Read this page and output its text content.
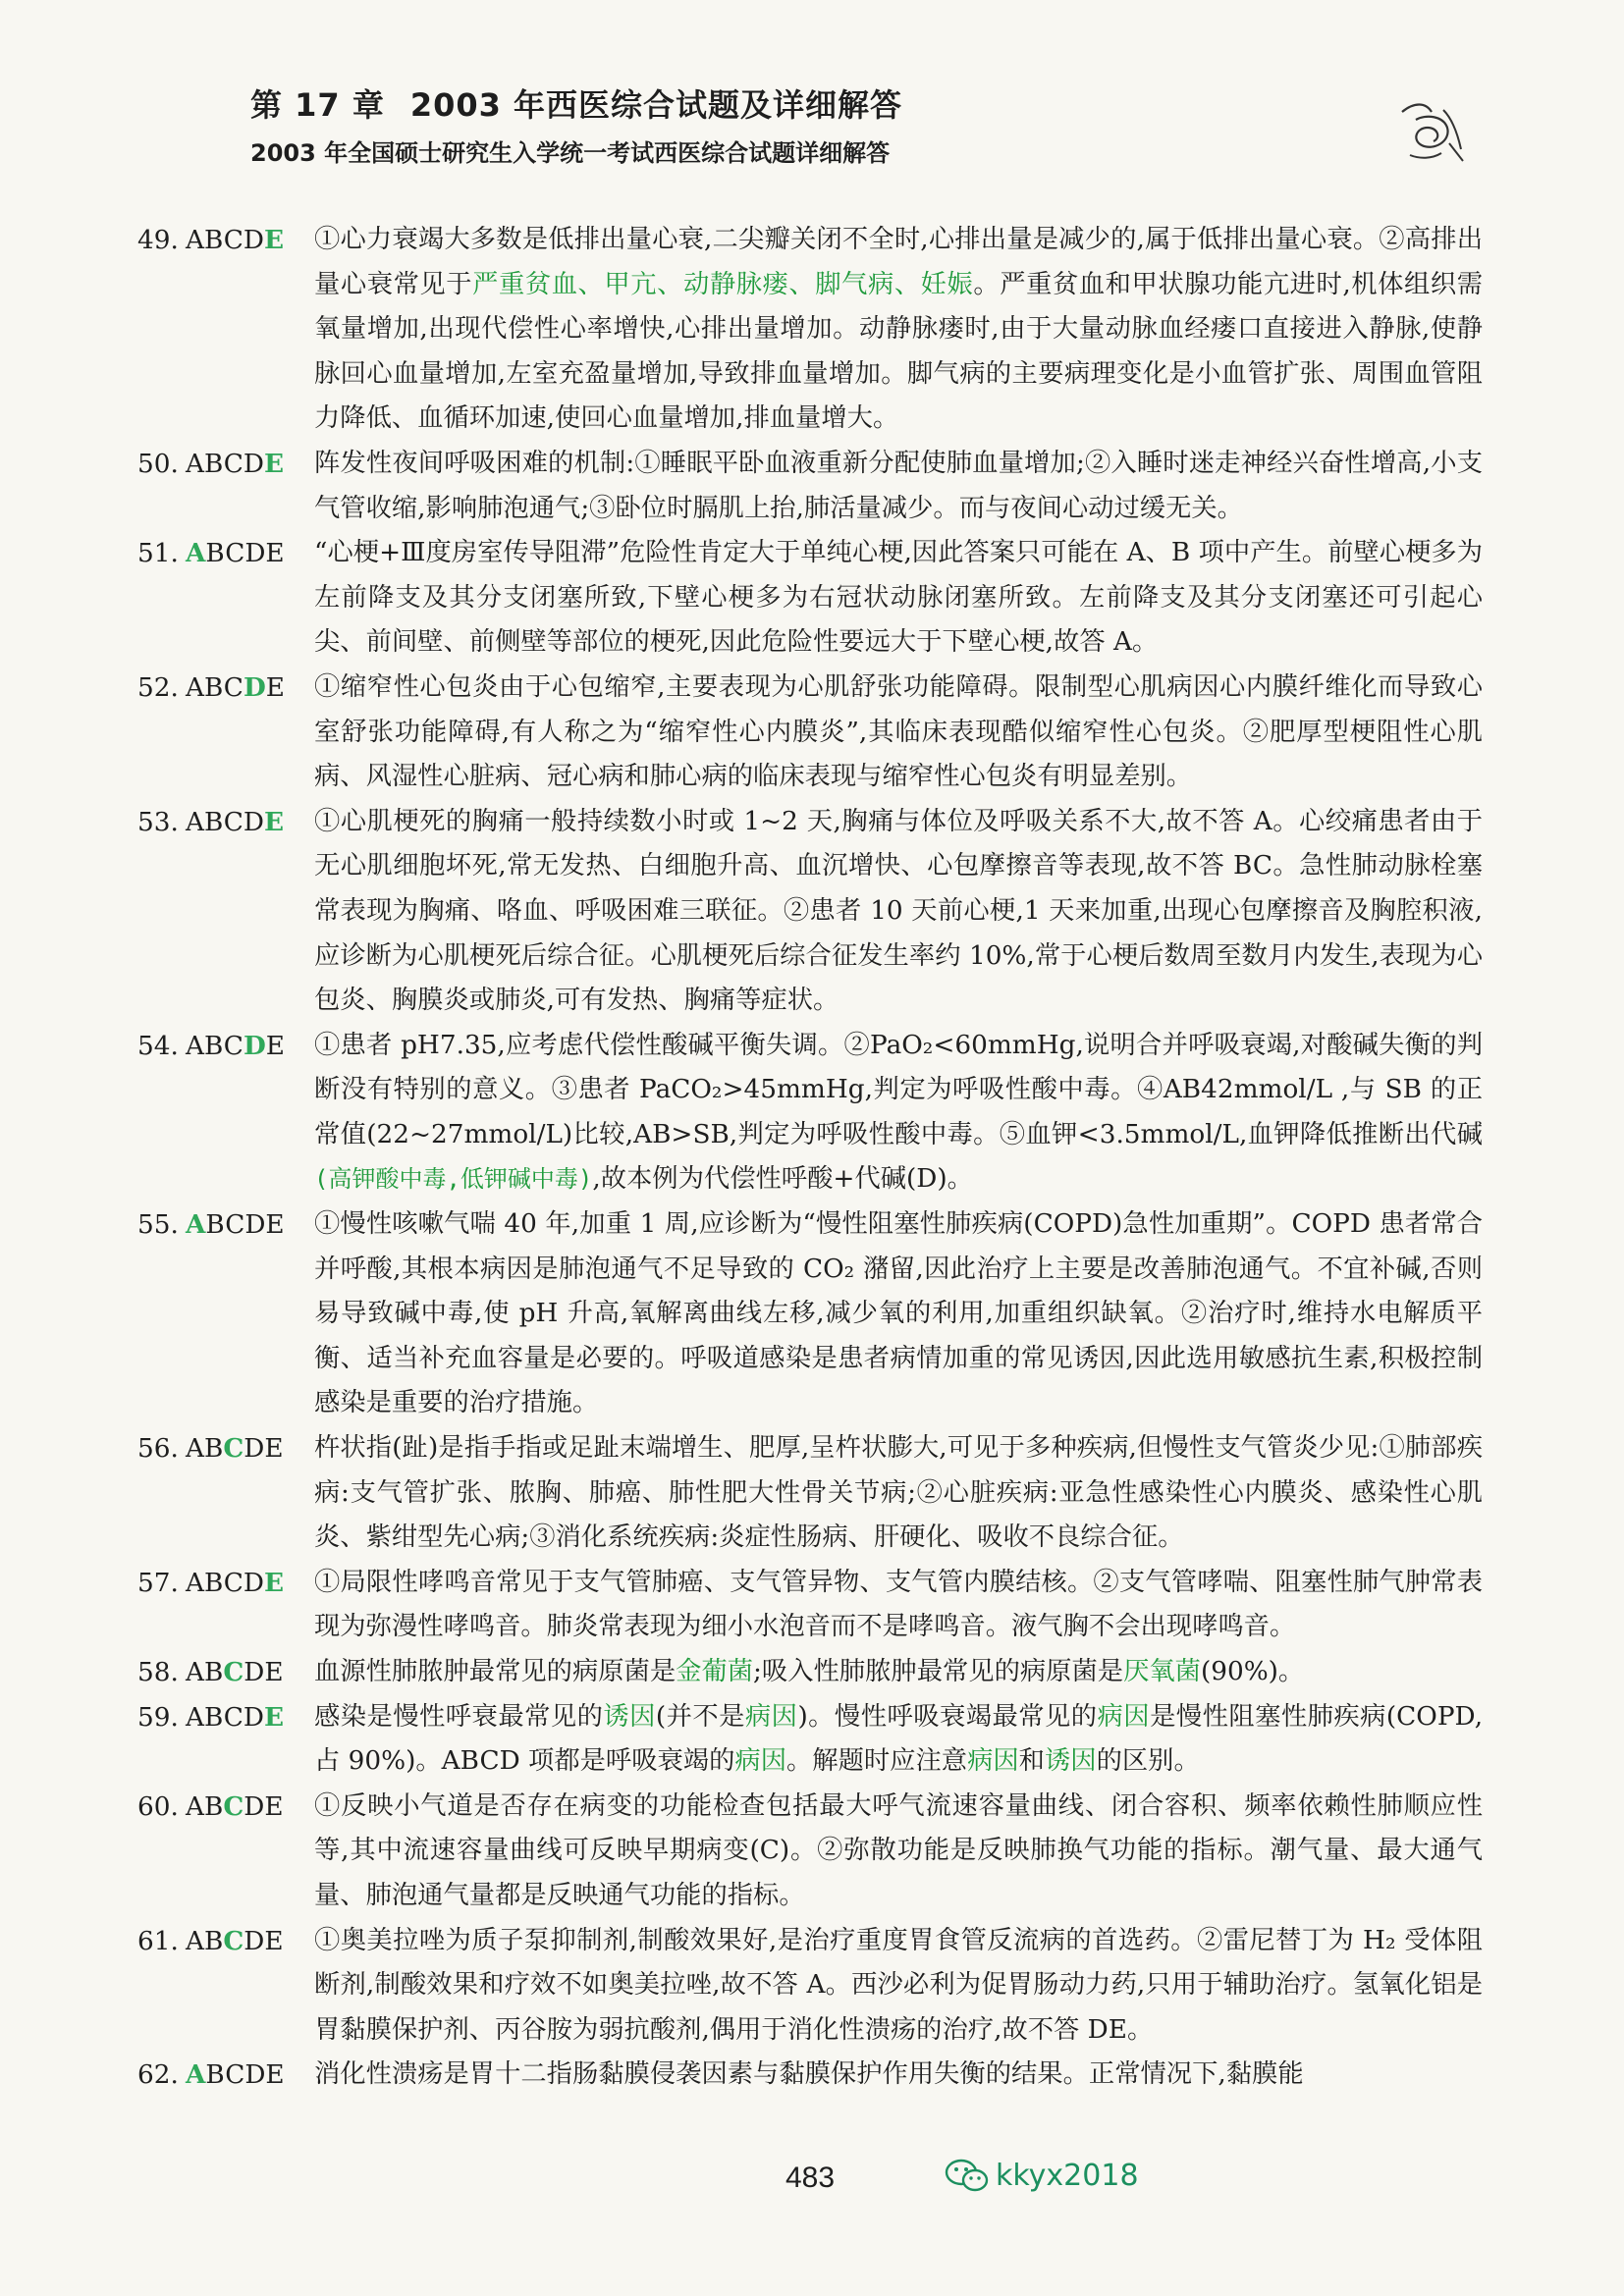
第 17 章 2003 年西医综合试题及详细解答
2003 年全国硕士研究生入学统一考试西医综合试题详细解答
49. ABCDE ①心力衰竭大多数是低排出量心衰,二尖瓣关闭不全时,心排出量是减少的,属于低排出量心衰。②高排出量心衰常见于严重贫血、甲亢、动静脉瘘、脚气病、妊娠。严重贫血和甲状腺功能亢进时,机体组织需氧量增加,出现代偿性心率增快,心排出量增加。动静脉瘘时,由于大量动脉血经瘘口直接进入静脉,使静脉回心血量增加,左室充盈量增加,导致排血量增加。脚气病的主要病理变化是小血管扩张、周围血管阻力降低、血循环加速,使回心血量增加,排血量增大。
50. ABCDE 阵发性夜间呼吸困难的机制:①睡眠平卧血液重新分配使肺血量增加;②入睡时迷走神经兴奋性增高,小支气管收缩,影响肺泡通气;③卧位时膈肌上抬,肺活量减少。而与夜间心动过缓无关。
51. ABCDE “心梗+Ⅲ度房室传导阻滞”危险性肯定大于单纯心梗,因此答案只可能在 A、B 项中产生。前壁心梗多为左前降支及其分支闭塞所致,下壁心梗多为右冠状动脉闭塞所致。左前降支及其分支闭塞还可引起心尖、前间壁、前侧壁等部位的梗死,因此危险性要远大于下壁心梗,故答 A。
52. ABCDE ①缩窄性心包炎由于心包缩窄,主要表现为心肌舒张功能障碍。限制型心肌病因心内膜纤维化而导致心室舒张功能障碍,有人称之为“缩窄性心内膜炎”,其临床表现酷似缩窄性心包炎。②肥厚型梗阻性心肌病、风湿性心脏病、冠心病和肺心病的临床表现与缩窄性心包炎有明显差别。
53. ABCDE ①心肌梗死的胸痛一般持续数小时或 1~2 天,胸痛与体位及呼吸关系不大,故不答 A。心绞痛患者由于无心肌细胞坏死,常无发热、白细胞升高、血沉增快、心包摩擦音等表现,故不答 BC。急性肺动脉栓塞常表现为胸痛、咯血、呼吸困难三联征。②患者 10 天前心梗,1 天来加重,出现心包摩擦音及胸腔积液,应诊断为心肌梗死后综合征。心肌梗死后综合征发生率约 10%,常于心梗后数周至数月内发生,表现为心包炎、胸膜炎或肺炎,可有发热、胸痛等症状。
54. ABCDE ①患者 pH7.35,应考虑代偿性酸碱平衡失调。②PaO₂<60mmHg,说明合并呼吸衰竭,对酸碱失衡的判断没有特别的意义。③患者 PaCO₂>45mmHg,判定为呼吸性酸中毒。④AB42mmol/L ,与 SB 的正常值(22~27mmol/L)比较,AB>SB,判定为呼吸性酸中毒。⑤血钾<3.5mmol/L,血钾降低推断出代碱(高钾酸中毒,低钾碱中毒),故本例为代偿性呼酸+代碱(D)。
55. ABCDE ①慢性咳嗽气喘 40 年,加重 1 周,应诊断为“慢性阻塞性肺疾病(COPD)急性加重期”。COPD 患者常合并呼酸,其根本病因是肺泡通气不足导致的 CO₂ 潴留,因此治疗上主要是改善肺泡通气。不宜补碱,否则易导致碱中毒,使 pH 升高,氧解离曲线左移,减少氧的利用,加重组织缺氧。②治疗时,维持水电解质平衡、适当补充血容量是必要的。呼吸道感染是患者病情加重的常见诱因,因此选用敏感抗生素,积极控制感染是重要的治疗措施。
56. ABCDE 杵状指(趾)是指手指或足趾末端增生、肥厚,呈杵状膨大,可见于多种疾病,但慢性支气管炎少见:①肺部疾病:支气管扩张、脓胸、肺癌、肺性肥大性骨关节病;②心脏疾病:亚急性感染性心内膜炎、感染性心肌炎、紫绀型先心病;③消化系统疾病:炎症性肠病、肝硬化、吸收不良综合征。
57. ABCDE ①局限性哮鸣音常见于支气管肺癌、支气管异物、支气管内膜结核。②支气管哮喘、阻塞性肺气肿常表现为弥漫性哮鸣音。肺炎常表现为细小水泡音而不是哮鸣音。液气胸不会出现哮鸣音。
58. ABCDE 血源性肺脓肿最常见的病原菌是金葡菌;吸入性肺脓肿最常见的病原菌是厌氧菌(90%)。
59. ABCDE 感染是慢性呼衰最常见的诱因(并不是病因)。慢性呼吸衰竭最常见的病因是慢性阻塞性肺疾病(COPD,占 90%)。ABCD 项都是呼吸衰竭的病因。解题时应注意病因和诱因的区别。
60. ABCDE ①反映小气道是否存在病变的功能检查包括最大呼气流速容量曲线、闭合容积、频率依赖性肺顺应性等,其中流速容量曲线可反映早期病变(C)。②弥散功能是反映肺换气功能的指标。潮气量、最大通气量、肺泡通气量都是反映通气功能的指标。
61. ABCDE ①奥美拉唑为质子泵抑制剂,制酸效果好,是治疗重度胃食管反流病的首选药。②雷尼替丁为 H₂ 受体阻断剂,制酸效果和疗效不如奥美拉唑,故不答 A。西沙必利为促胃肠动力药,只用于辅助治疗。氢氧化铝是胃黏膜保护剂、丙谷胺为弱抗酸剂,偶用于消化性溃疡的治疗,故不答 DE。
62. ABCDE 消化性溃疡是胃十二指肠黏膜侵袭因素与黏膜保护作用失衡的结果。正常情况下,黏膜能
483	kkyx2018
